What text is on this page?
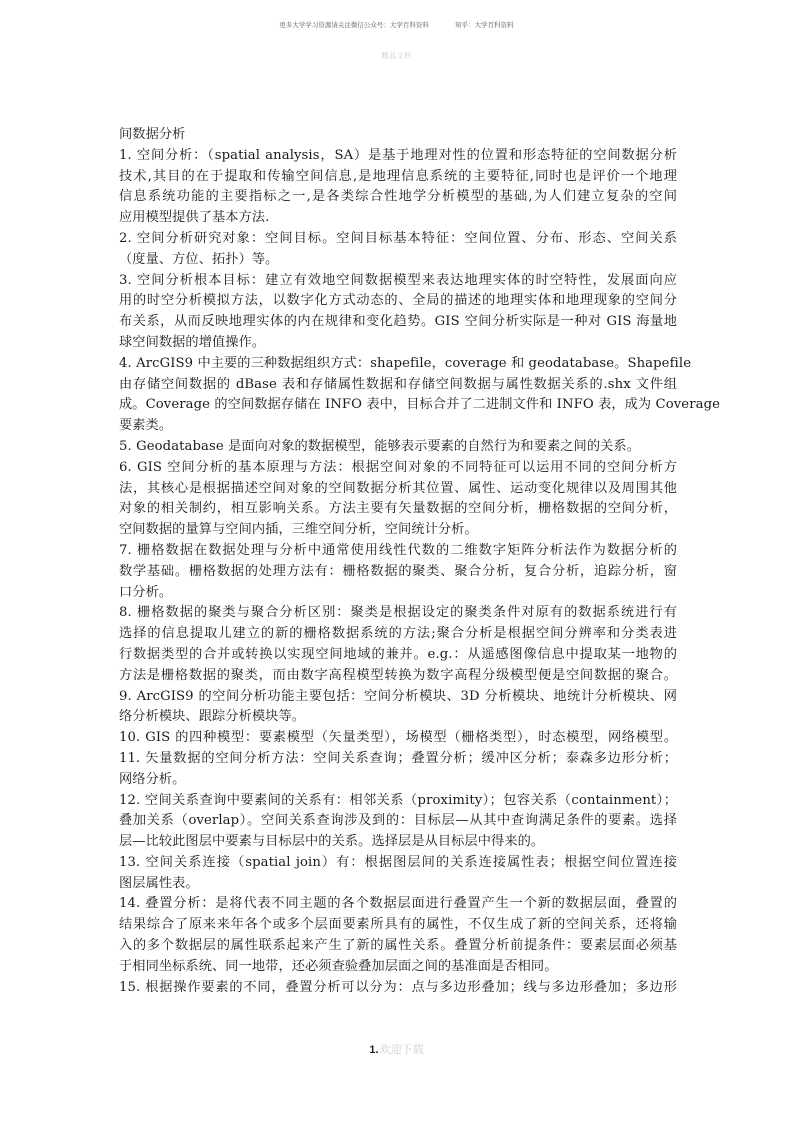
更多大学学习资源请关注微信公众号：大学百科资料	知乎：大学百科资料
精品文档
间数据分析
1. 空间分析：（spatial analysis，SA）是基于地理对性的位置和形态特征的空间数据分析
技术,其目的在于提取和传输空间信息,是地理信息系统的主要特征,同时也是评价一个地理
信息系统功能的主要指标之一,是各类综合性地学分析模型的基础,为人们建立复杂的空间
应用模型提供了基本方法.
2. 空间分析研究对象：空间目标。空间目标基本特征：空间位置、分布、形态、空间关系
（度量、方位、拓扑）等。
3. 空间分析根本目标：建立有效地空间数据模型来表达地理实体的时空特性，发展面向应
用的时空分析模拟方法，以数字化方式动态的、全局的描述的地理实体和地理现象的空间分
布关系，从而反映地理实体的内在规律和变化趋势。GIS 空间分析实际是一种对 GIS 海量地
球空间数据的增值操作。
4. ArcGIS9 中主要的三种数据组织方式：shapefile，coverage 和 geodatabase。Shapefile
由存储空间数据的 dBase 表和存储属性数据和存储空间数据与属性数据关系的.shx 文件组
成。Coverage 的空间数据存储在 INFO 表中，目标合并了二进制文件和 INFO 表，成为 Coverage
要素类。
5. Geodatabase 是面向对象的数据模型，能够表示要素的自然行为和要素之间的关系。
6. GIS 空间分析的基本原理与方法：根据空间对象的不同特征可以运用不同的空间分析方
法，其核心是根据描述空间对象的空间数据分析其位置、属性、运动变化规律以及周围其他
对象的相关制约，相互影响关系。方法主要有矢量数据的空间分析，栅格数据的空间分析，
空间数据的量算与空间内插，三维空间分析，空间统计分析。
7. 栅格数据在数据处理与分析中通常使用线性代数的二维数字矩阵分析法作为数据分析的
数学基础。栅格数据的处理方法有：栅格数据的聚类、聚合分析，复合分析，追踪分析，窗
口分析。
8. 栅格数据的聚类与聚合分析区别：聚类是根据设定的聚类条件对原有的数据系统进行有
选择的信息提取儿建立的新的栅格数据系统的方法;聚合分析是根据空间分辨率和分类表进
行数据类型的合并或转换以实现空间地域的兼并。e.g.：从遥感图像信息中提取某一地物的
方法是栅格数据的聚类，而由数字高程模型转换为数字高程分级模型便是空间数据的聚合。
9. ArcGIS9 的空间分析功能主要包括：空间分析模块、3D 分析模块、地统计分析模块、网
络分析模块、跟踪分析模块等。
10. GIS 的四种模型：要素模型（矢量类型），场模型（栅格类型），时态模型，网络模型。
11. 矢量数据的空间分析方法：空间关系查询；叠置分析；缓冲区分析；泰森多边形分析；
网络分析。
12. 空间关系查询中要素间的关系有：相邻关系（proximity）；包容关系（containment）；
叠加关系（overlap）。空间关系查询涉及到的：目标层—从其中查询满足条件的要素。选择
层—比较此图层中要素与目标层中的关系。选择层是从目标层中得来的。
13. 空间关系连接（spatial join）有：根据图层间的关系连接属性表；根据空间位置连接
图层属性表。
14. 叠置分析：是将代表不同主题的各个数据层面进行叠置产生一个新的数据层面，叠置的
结果综合了原来来年各个或多个层面要素所具有的属性，不仅生成了新的空间关系，还将输
入的多个数据层的属性联系起来产生了新的属性关系。叠置分析前提条件：要素层面必须基
于相同坐标系统、同一地带，还必须查验叠加层面之间的基准面是否相同。
15. 根据操作要素的不同，叠置分析可以分为：点与多边形叠加；线与多边形叠加；多边形
1.欢迎下载
